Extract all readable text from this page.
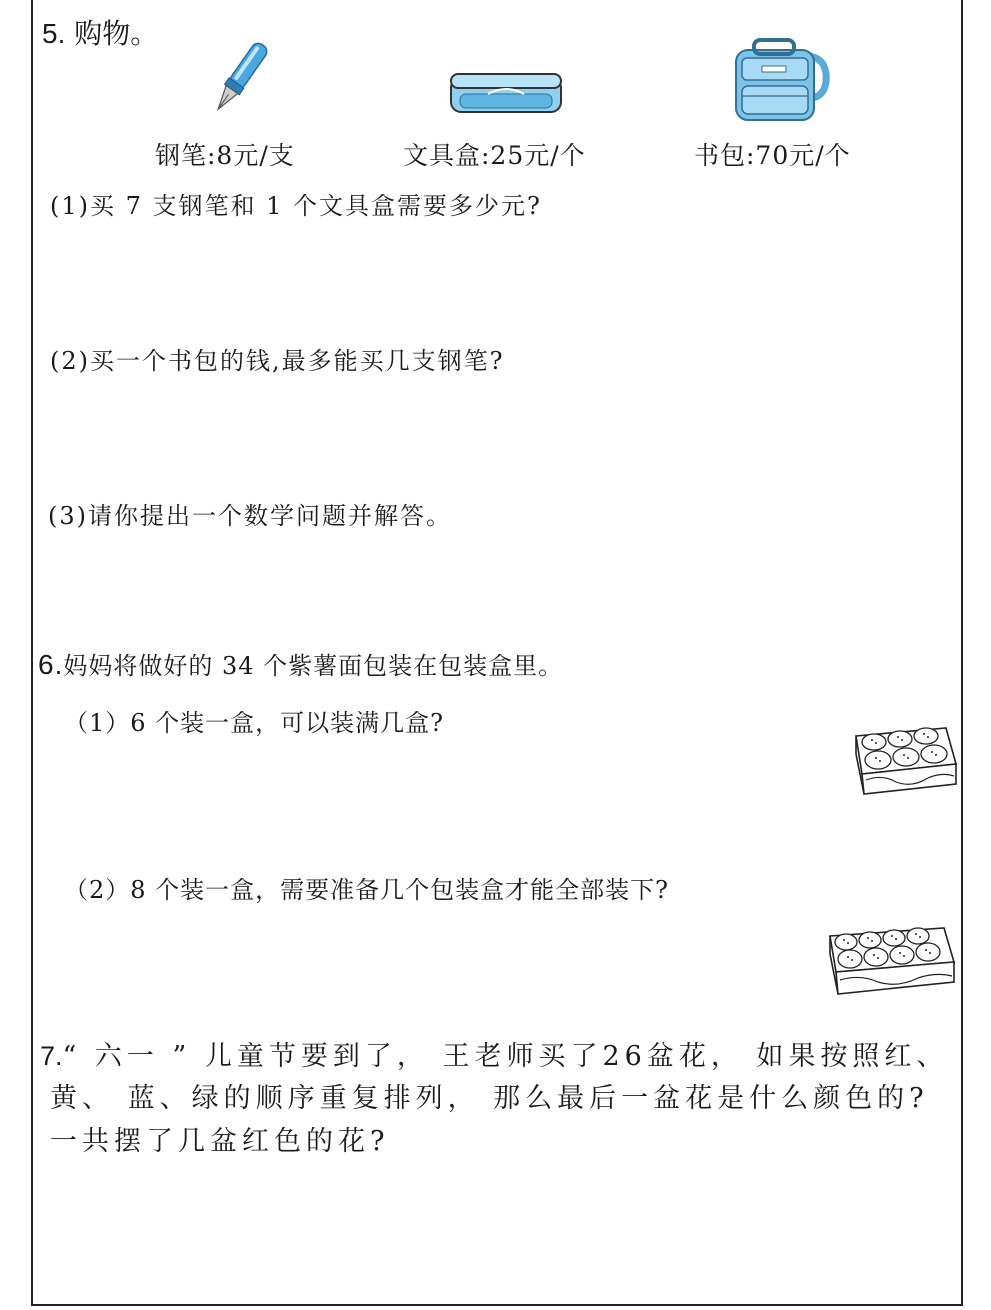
5. 购物。
钢笔:8元/支	文具盒:25元/个	书包:70元/个
(1)买 7 支钢笔和 1 个文具盒需要多少元?
(2)买一个书包的钱,最多能买几支钢笔?
(3)请你提出一个数学问题并解答。
6.妈妈将做好的 34 个紫薯面包装在包装盒里。
（1）6 个装一盒，可以装满几盒?
（2）8 个装一盒，需要准备几个包装盒才能全部装下?
7.“ 六一 ” 儿童节要到了， 王老师买了26盆花， 如果按照红、
黄、 蓝、绿的顺序重复排列， 那么最后一盆花是什么颜色的?
一共摆了几盆红色的花?
